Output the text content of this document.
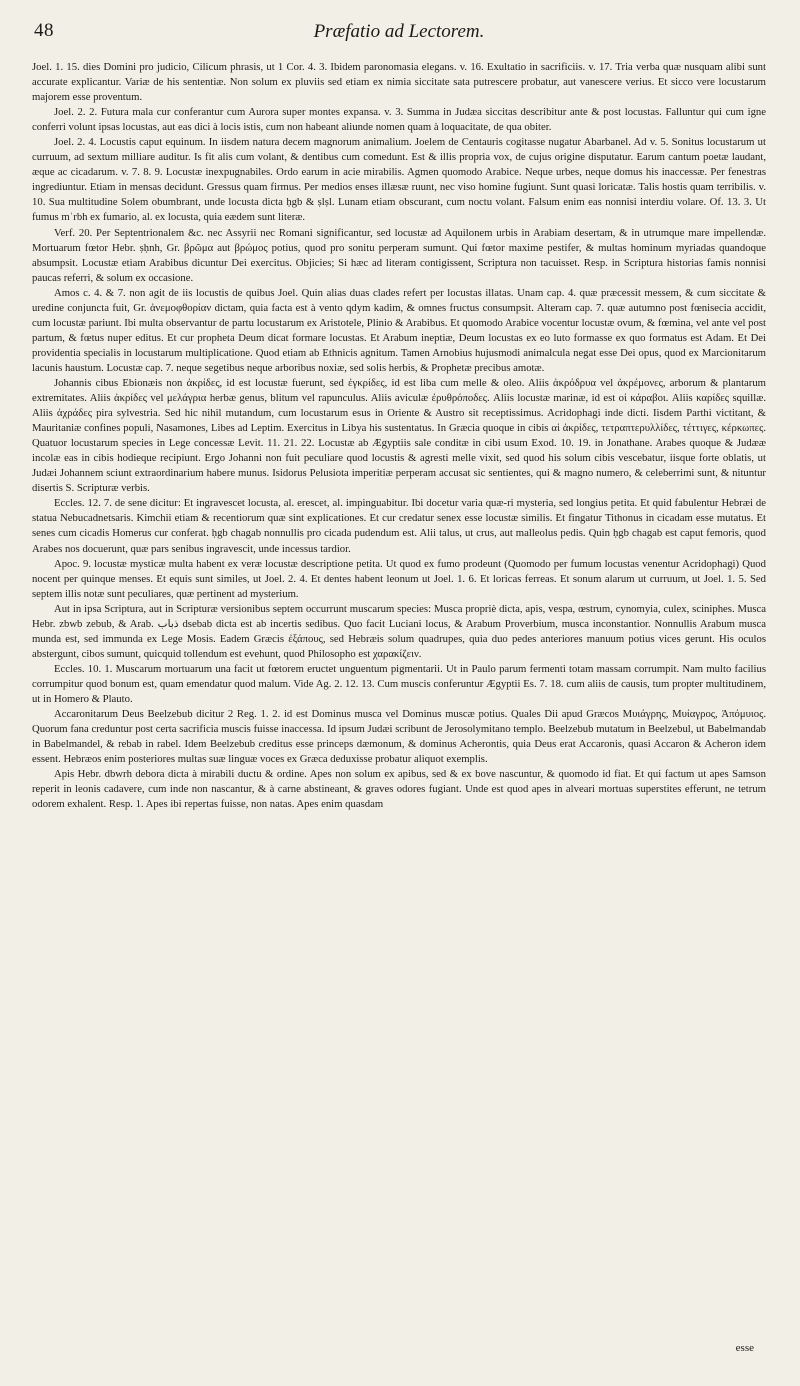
48	Præfatio ad Lectorem.

Joel. 1. 15. dies Domini pro judicio, Cilicum phrasis, ut 1 Cor. 4. 3. Ibidem paronomasia elegans. v. 16. Exultatio in sacrificiis. v. 17. Tria verba quæ nusquam alibi sunt accurate explicantur. Variæ de his sententiæ. Non solum ex pluviis sed etiam ex nimia siccitate sata putrescere probatur, aut vanescere verius. Et sicco vere locustarum majorem esse proventum.

Joel. 2. 2. Futura mala cur conferantur cum Aurora super montes expansa. v. 3. Summa in Judæa siccitas describitur ante & post locustas. Falluntur qui cum igne conferri volunt ipsas locustas, aut eas dici à locis istis, cum non habeant aliunde nomen quam à loquacitate, de qua obiter.

Joel. 2. 4. Locustis caput equinum. In iisdem natura decem magnorum animalium. Joelem de Centauris cogitasse nugatur Abarbanel. Ad v. 5. Sonitus locustarum ut curruum, ad sextum milliare auditur. Is fit alis cum volant, & dentibus cum comedunt. Est & illis propria vox, de cujus origine disputatur. Earum cantum poetæ laudant, æque ac cicadarum. v. 7. 8. 9. Locustæ inexpugnabiles. Ordo earum in acie mirabilis. Agmen quomodo Arabice. Neque urbes, neque domus his inaccessæ. Per fenestras ingrediuntur. Etiam in mensas decidunt. Gressus quam firmus. Per medios enses illæsæ ruunt, nec viso homine fugiunt. Sunt quasi loricatæ. Talis hostis quam terribilis. v. 10. Sua multitudine Solem obumbrant, unde locusta dicta ḥgb & ṣlṣl. Lunam etiam obscurant, cum noctu volant. Falsum enim eas nonnisi interdiu volare. Of. 13. 3. Ut fumus mʾrbh ex fumario, al. ex locusta, quia eædem sunt literæ.

Verf. 20. Per Septentrionalem &c. nec Assyrii nec Romani significantur, sed locustæ ad Aquilonem urbis in Arabiam desertam, & in utrumque mare impellendæ. Mortuarum fœtor Hebr. ṣḥnh, Gr. βρῶμα aut βρώμος potius, quod pro sonitu perperam sumunt. Qui fœtor maxime pestifer, & multas hominum myriadas quandoque absumpsit. Locustæ etiam Arabibus dicuntur Dei exercitus. Objicies; Si hæc ad literam contigissent, Scriptura non tacuisset. Resp. in Scriptura historias famis nonnisi paucas referri, & solum ex occasione.

Amos c. 4. & 7. non agit de iis locustis de quibus Joel. Quin alias duas clades refert per locustas illatas. Unam cap. 4. quæ præcessit messem, & cum siccitate & uredine conjuncta fuit, Gr. ἀνεμοφθορίαν dictam, quia facta est à vento qdym kadim, & omnes fructus consumpsit. Alteram cap. 7. quæ autumno post fœnisecia accidit, cum locustæ pariunt. Ibi multa observantur de partu locustarum ex Aristotele, Plinio & Arabibus. Et quomodo Arabice vocentur locustæ ovum, & fœmina, vel ante vel post partum, & fœtus nuper editus. Et cur propheta Deum dicat formare locustas. Et Arabum ineptiæ, Deum locustas ex eo luto formasse ex quo formatus est Adam. Et Dei providentia specialis in locustarum multiplicatione. Quod etiam ab Ethnicis agnitum. Tamen Arnobius hujusmodi animalcula negat esse Dei opus, quod ex Marcionitarum lacunis haustum. Locustæ cap. 7. neque segetibus neque arboribus noxiæ, sed solis herbis, & Prophetæ precibus amotæ.

Johannis cibus Ebionæis non ἀκρίδες, id est locustæ fuerunt, sed ἐγκρίδες, id est liba cum melle & oleo. Aliis ἀκρόδρυα vel ἀκρέμονες, arborum & plantarum extremitates. Aliis ἀκρίδες vel μελάγρια herbæ genus, blitum vel rapunculus. Aliis aviculæ ἐρυθρόποδες. Aliis locustæ marinæ, id est οἱ κάραβοι. Aliis καρίδες squillæ. Aliis ἀχράδες pira sylvestria. Sed hic nihil mutandum, cum locustarum esus in Oriente & Austro sit receptissimus. Acridophagi inde dicti. Iisdem Parthi victitant, & Mauritaniæ confines populi, Nasamones, Libes ad Leptim. Exercitus in Libya his sustentatus. In Græcia quoque in cibis αἱ ἀκρίδες, τετραπτερυλλίδες, τέττιγες, κέρκωπες. Quatuor locustarum species in Lege concessæ Levit. 11. 21. 22. Locustæ ab Ægyptiis sale conditæ in cibi usum Exod. 10. 19. in Jonathane. Arabes quoque & Judææ incolæ eas in cibis hodieque recipiunt. Ergo Johanni non fuit peculiare quod locustis & agresti melle vixit, sed quod his solum cibis vescebatur, iisque forte oblatis, ut Judæi Johannem sciunt extraordinarium habere munus. Isidorus Pelusiota imperitiæ perperam accusat sic sentientes, qui & magno numero, & celeberrimi sunt, & nituntur disertis S. Scripturæ verbis.

Eccles. 12. 7. de sene dicitur: Et ingravescet locusta, al. erescet, al. impinguabitur. Ibi docetur varia quæ-ri mysteria, sed longius petita. Et quid fabulentur Hebræi de statua Nebucadnetsaris. Kimchii etiam & recentiorum quæ sint explicationes. Et cur credatur senex esse locustæ similis. Et fingatur Tithonus in cicadam esse mutatus. Et senes cum cicadis Homerus cur conferat. ḥgb chagab nonnullis pro cicada pudendum est. Alii talus, ut crus, aut malleolus pedis. Quin ḥgb chagab est caput femoris, quod Arabes nos docuerunt, quæ pars senibus ingravescit, unde incessus tardior.

Apoc. 9. locustæ mysticæ multa habent ex veræ locustæ descriptione petita. Ut quod ex fumo prodeunt (Quomodo per fumum locustas venentur Acridophagi) Quod nocent per quinque menses. Et equis sunt similes, ut Joel. 2. 4. Et dentes habent leonum ut Joel. 1. 6. Et loricas ferreas. Et sonum alarum ut curruum, ut Joel. 1. 5. Sed septem illis notæ sunt peculiares, quæ pertinent ad mysterium.

Aut in ipsa Scriptura, aut in Scripturæ versionibus septem occurrunt muscarum species: Musca propriè dicta, apis, vespa, œstrum, cynomyia, culex, sciniphes. Musca Hebr. zbwb zebub, & Arab. ذباب dsebab dicta est ab incertis sedibus. Quo facit Luciani locus, & Arabum Proverbium, musca inconstantior. Nonnullis Arabum musca munda est, sed immunda ex Lege Mosis. Eadem Græcis ἐξάπους, sed Hebræis solum quadrupes, quia duo pedes anteriores manuum potius vices gerunt. His oculos abstergunt, cibos sumunt, quicquid tollendum est evehunt, quod Philosopho est χαρακίζειν.

Eccles. 10. 1. Muscarum mortuarum una facit ut fœtorem eructet unguentum pigmentarii. Ut in Paulo parum fermenti totam massam corrumpit. Nam multo facilius corrumpitur quod bonum est, quam emendatur quod malum. Vide Ag. 2. 12. 13. Cum muscis conferuntur Ægyptii Es. 7. 18. cum aliis de causis, tum propter multitudinem, ut in Homero & Plauto.

Accaronitarum Deus Beelzebub dicitur 2 Reg. 1. 2. id est Dominus musca vel Dominus muscæ potius. Quales Dii apud Græcos Μυιάγρης, Μυίαγρος, Ἀπόμυιος. Quorum fana creduntur post certa sacrificia muscis fuisse inaccessa. Id ipsum Judæi scribunt de Jerosolymitano templo. Beelzebub mutatum in Beelzebul, ut Babelmandab in Babelmandel, & rebab in rabel. Idem Beelzebub creditus esse princeps dæmonum, & dominus Acherontis, quia Deus erat Accaronis, quasi Accaron & Acheron idem essent. Hebræos enim posteriores multas suæ linguæ voces ex Græca deduxisse probatur aliquot exemplis.

Apis Hebr. dbwrh debora dicta à mirabili ductu & ordine. Apes non solum ex apibus, sed & ex bove nascuntur, & quomodo id fiat. Et qui factum ut apes Samson reperit in leonis cadavere, cum inde non nascantur, & à carne abstineant, & graves odores fugiant. Unde est quod apes in alveari mortuas superstites efferunt, ne tetrum odorem exhalent. Resp. 1. Apes ibi repertas fuisse, non natas. Apes enim quasdam

esse
